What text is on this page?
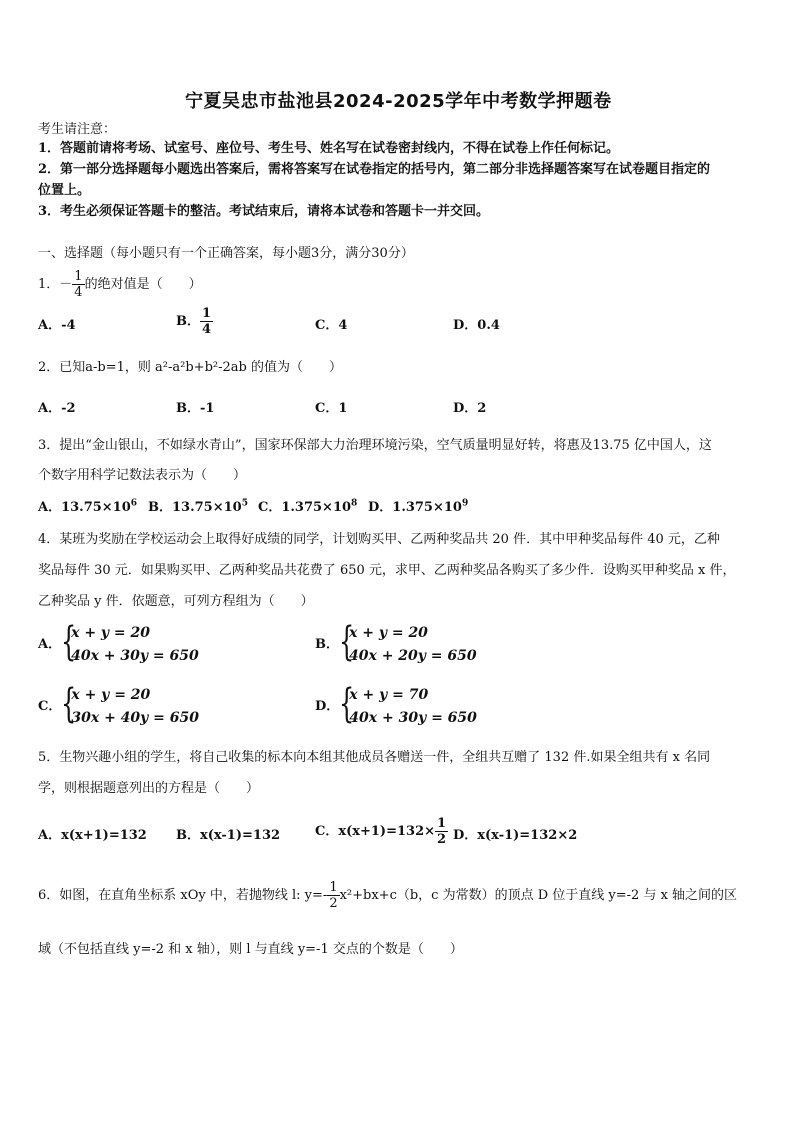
宁夏吴忠市盐池县2024-2025学年中考数学押题卷
考生请注意：
1．答题前请将考场、试室号、座位号、考生号、姓名写在试卷密封线内，不得在试卷上作任何标记。
2．第一部分选择题每小题选出答案后，需将答案写在试卷指定的括号内，第二部分非选择题答案写在试卷题目指定的
位置上。
3．考生必须保证答题卡的整洁。考试结束后，请将本试卷和答题卡一并交回。
一、选择题（每小题只有一个正确答案，每小题3分，满分30分）
1．－ $\frac{1}{4}$ 的绝对值是（　　）
A．-4	B． $\frac{1}{4}$	C．4	D．0.4
2．已知a-b=1，则 a²-a²b+b²-2ab 的值为（　　）
A．-2	B．-1	C．1	D．2
3．提出“金山银山，不如绿水青山”，国家环保部大力治理环境污染，空气质量明显好转，将惠及13.75 亿中国人，这
个数字用科学记数法表示为（　　）
A．$13.75\times 10^6$ B．$13.75\times 10^5$ C．$1.375\times 10^8$ D．$1.375\times 10^9$
4．某班为奖励在学校运动会上取得好成绩的同学，计划购买甲、乙两种奖品共 20 件．其中甲种奖品每件 40 元，乙种
奖品每件 30 元．如果购买甲、乙两种奖品共花费了 650 元，求甲、乙两种奖品各购买了多少件．设购买甲种奖品 x 件，
乙种奖品 y 件．依题意，可列方程组为（　　）
A． {
x + y = 20
40x + 30y = 650
B． {
x + y = 20
40x + 20y = 650
C． {
x + y = 20
30x + 40y = 650
D． {
x + y = 70
40x + 30y = 650
5．生物兴趣小组的学生，将自己收集的标本向本组其他成员各赠送一件，全组共互赠了 132 件.如果全组共有 x 名同
学，则根据题意列出的方程是（　　）
A．x(x+1)=132 B．x(x-1)=132	C．$x(x+1)=132\times \frac{1}{2}$ D．x(x-1)=132×2
6．如图，在直角坐标系 xOy 中，若抛物线 l: $y=- \frac{1}{2} x^2+bx+c(b$，c 为常数）的顶点 D 位于直线 y=-2 与 x 轴之间的区
域（不包括直线 y=-2 和 x 轴），则 l 与直线 y=-1 交点的个数是（　　）
